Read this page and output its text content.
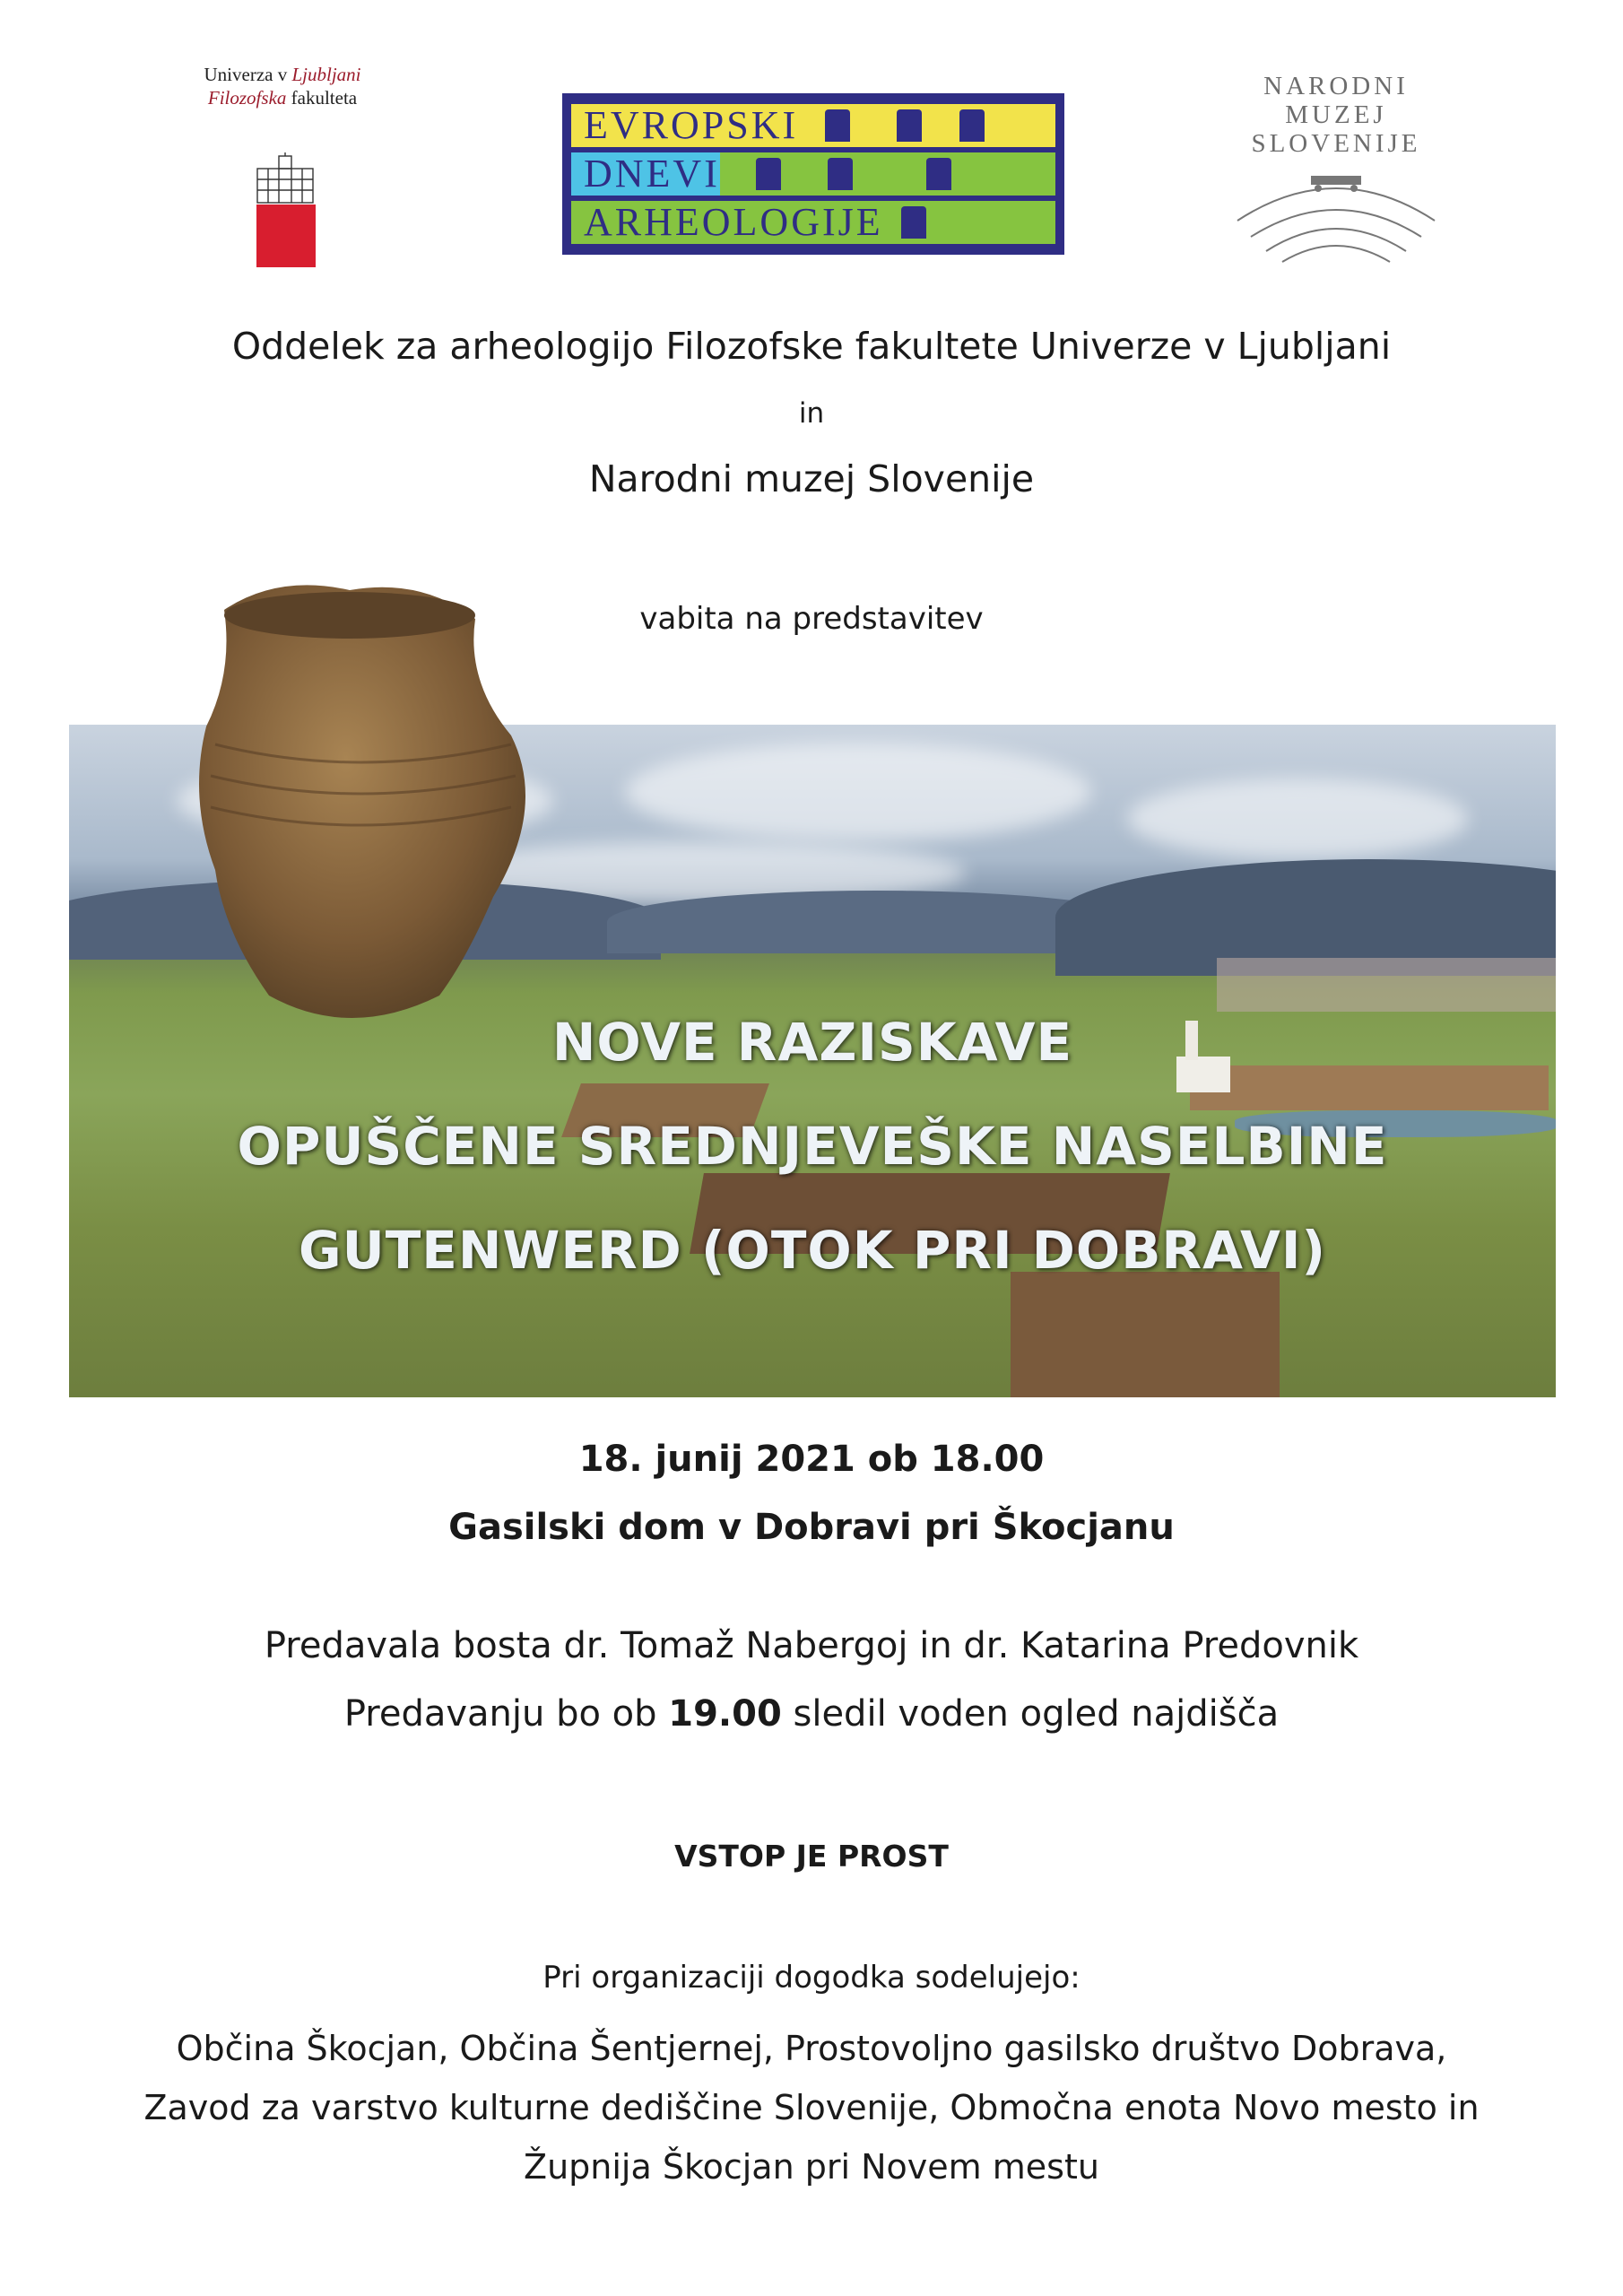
Univerza v Ljubljani
Filozofska fakulteta
EVROPSKI
DNEVI
ARHEOLOGIJE
NARODNI
MUZEJ
SLOVENIJE
Oddelek za arheologijo Filozofske fakultete Univerze v Ljubljani
in
Narodni muzej Slovenije
vabita na predstavitev
NOVE RAZISKAVE
OPUŠČENE SREDNJEVEŠKE NASELBINE
GUTENWERD (OTOK PRI DOBRAVI)
18. junij 2021 ob 18.00
Gasilski dom v Dobravi pri Škocjanu
Predavala bosta dr. Tomaž Nabergoj in dr. Katarina Predovnik
Predavanju bo ob 19.00 sledil voden ogled najdišča
VSTOP JE PROST
Pri organizaciji dogodka sodelujejo:
Občina Škocjan, Občina Šentjernej, Prostovoljno gasilsko društvo Dobrava,
Zavod za varstvo kulturne dediščine Slovenije, Območna enota Novo mesto in
Župnija Škocjan pri Novem mestu
